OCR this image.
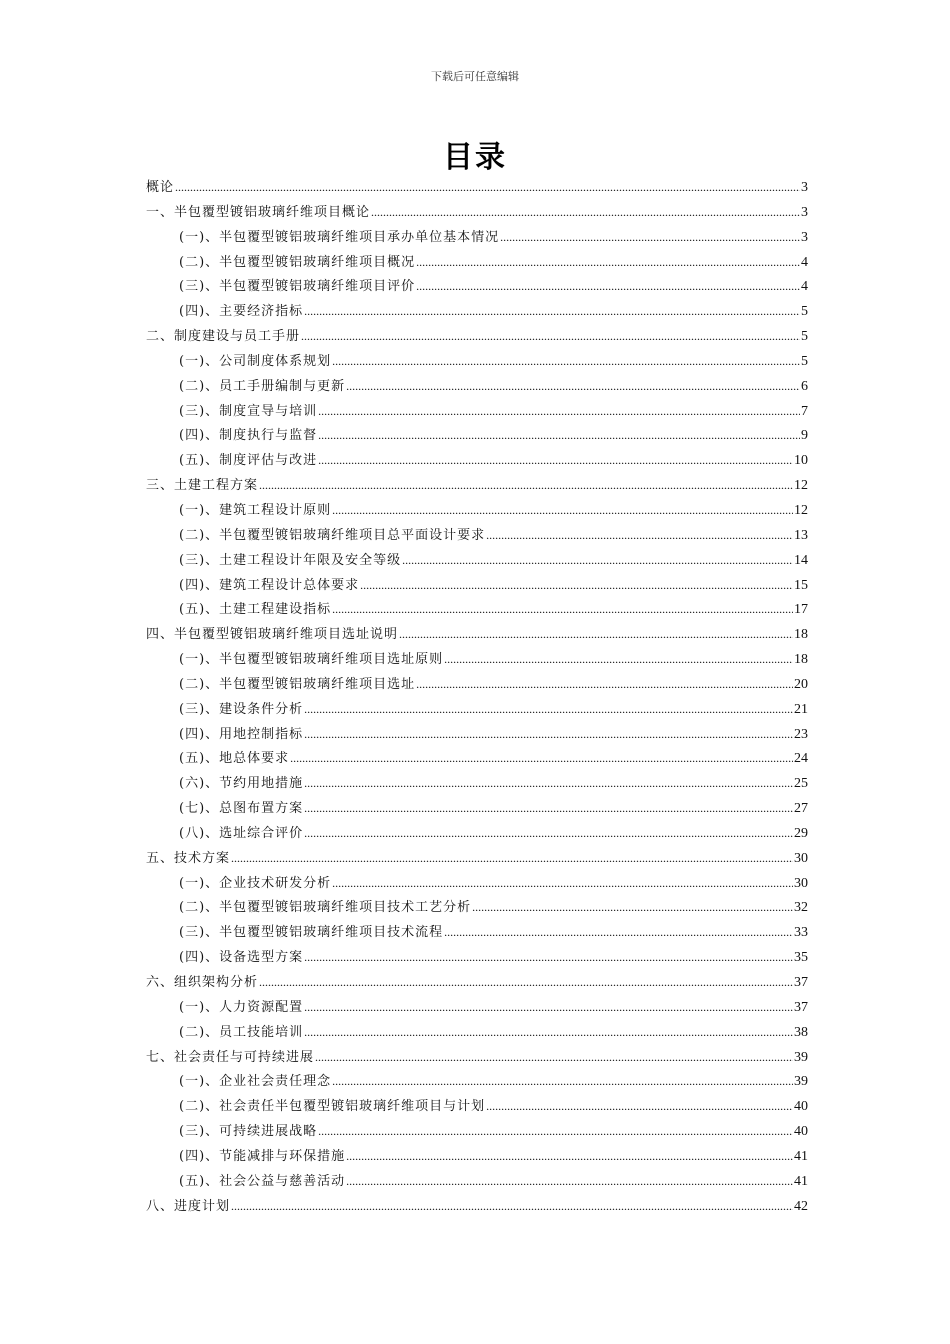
下载后可任意编辑
目录
概论 .....	3
一、半包覆型镀铝玻璃纤维项目概论 .....	3
(一)、半包覆型镀铝玻璃纤维项目承办单位基本情况 .....	3
(二)、半包覆型镀铝玻璃纤维项目概况 .....	4
(三)、半包覆型镀铝玻璃纤维项目评价 .....	4
(四)、主要经济指标 .....	5
二、制度建设与员工手册 .....	5
(一)、公司制度体系规划 .....	5
(二)、员工手册编制与更新 .....	6
(三)、制度宣导与培训 .....	7
(四)、制度执行与监督 .....	9
(五)、制度评估与改进 .....	10
三、土建工程方案 .....	12
(一)、建筑工程设计原则 .....	12
(二)、半包覆型镀铝玻璃纤维项目总平面设计要求 .....	13
(三)、土建工程设计年限及安全等级 .....	14
(四)、建筑工程设计总体要求 .....	15
(五)、土建工程建设指标 .....	17
四、半包覆型镀铝玻璃纤维项目选址说明 .....	18
(一)、半包覆型镀铝玻璃纤维项目选址原则 .....	18
(二)、半包覆型镀铝玻璃纤维项目选址 .....	20
(三)、建设条件分析 .....	21
(四)、用地控制指标 .....	23
(五)、地总体要求 .....	24
(六)、节约用地措施 .....	25
(七)、总图布置方案 .....	27
(八)、选址综合评价 .....	29
五、技术方案 .....	30
(一)、企业技术研发分析 .....	30
(二)、半包覆型镀铝玻璃纤维项目技术工艺分析 .....	32
(三)、半包覆型镀铝玻璃纤维项目技术流程 .....	33
(四)、设备选型方案 .....	35
六、组织架构分析 .....	37
(一)、人力资源配置 .....	37
(二)、员工技能培训 .....	38
七、社会责任与可持续进展 .....	39
(一)、企业社会责任理念 .....	39
(二)、社会责任半包覆型镀铝玻璃纤维项目与计划 .....	40
(三)、可持续进展战略 .....	40
(四)、节能减排与环保措施 .....	41
(五)、社会公益与慈善活动 .....	41
八、进度计划 .....	42
